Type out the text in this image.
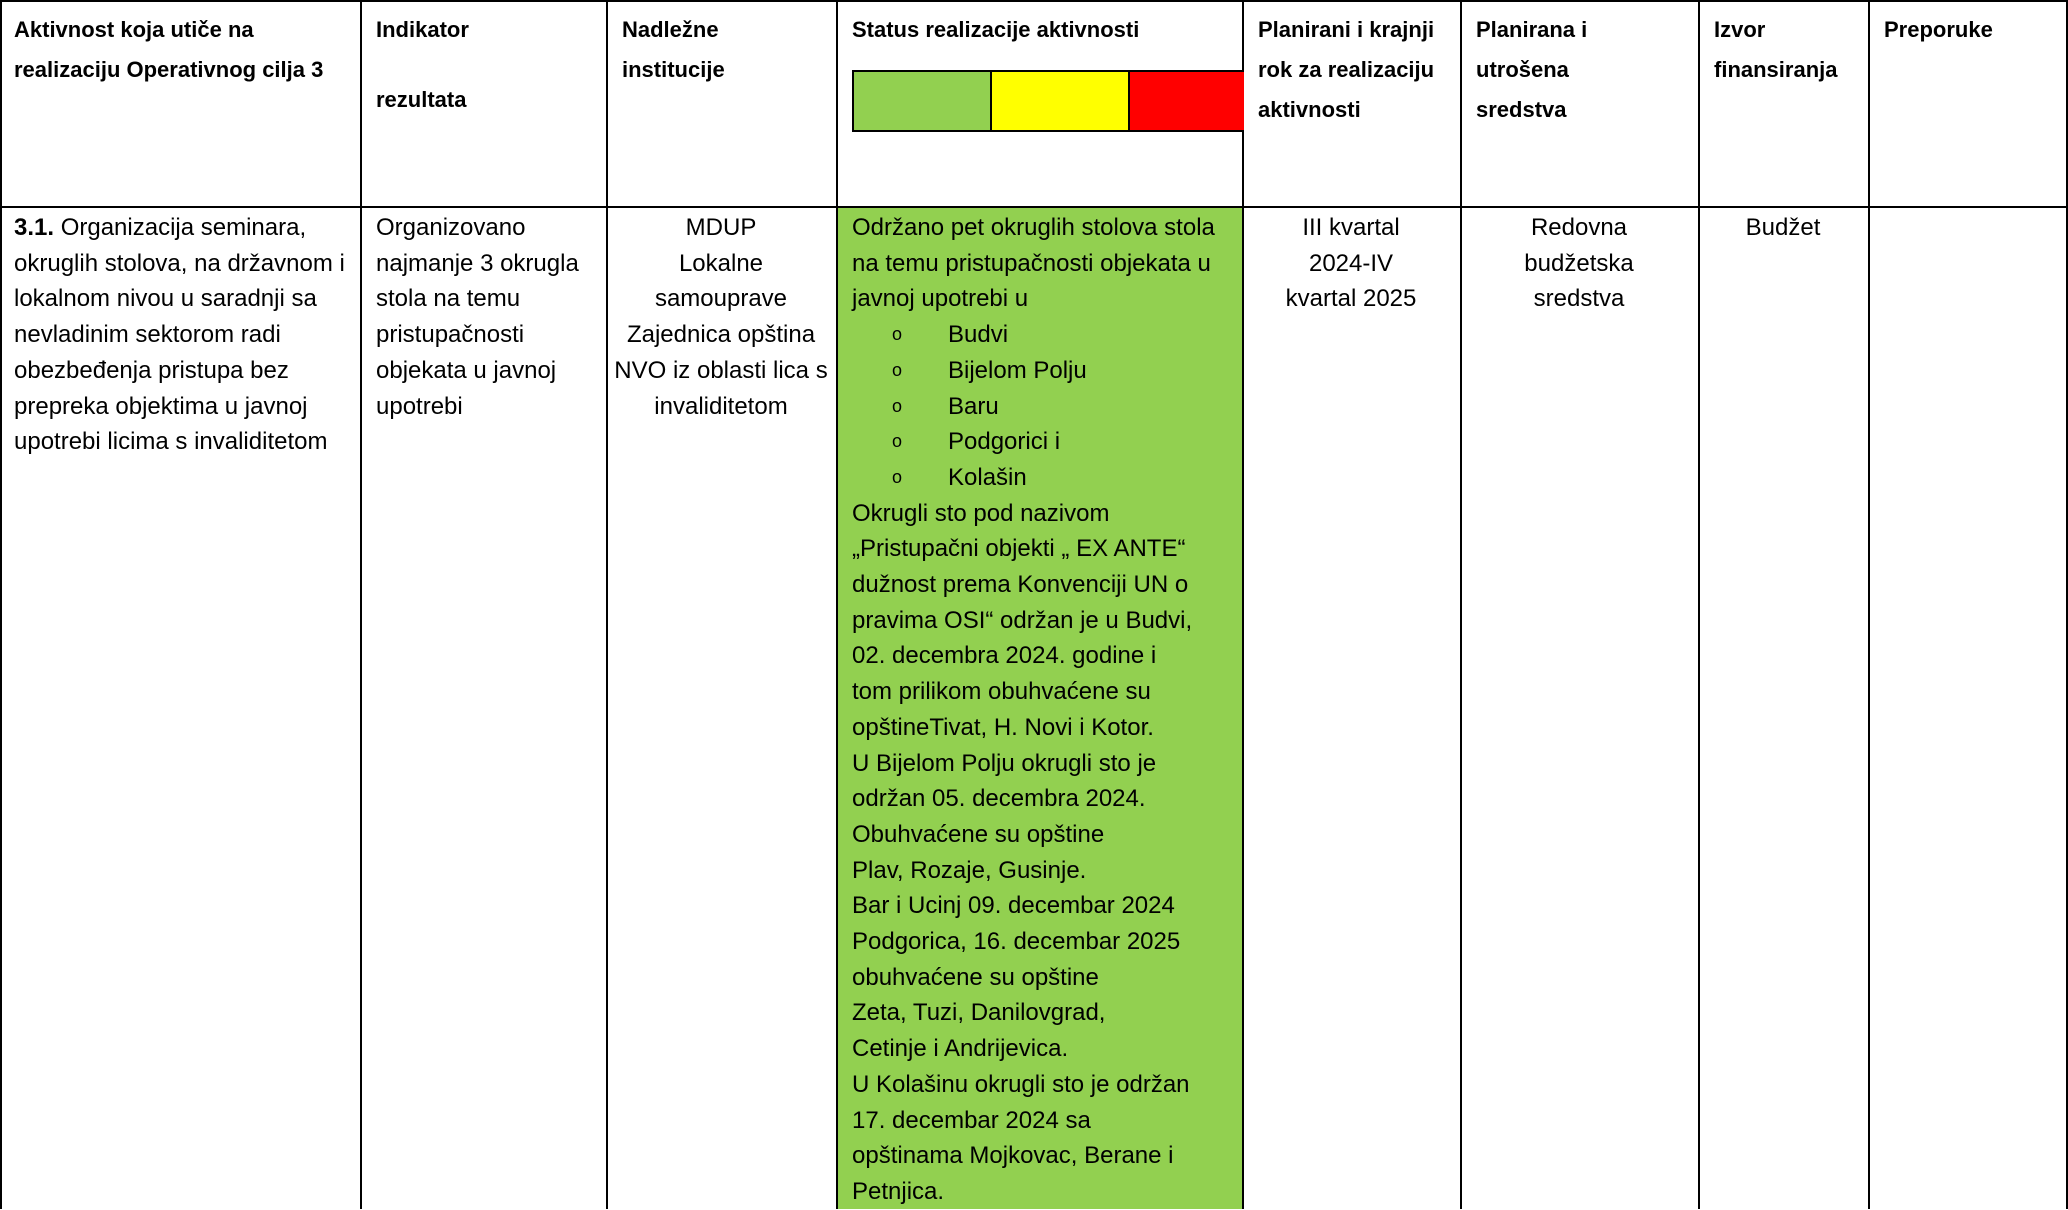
Aktivnost koja utiče na realizaciju Operativnog cilja 3
Indikator
rezultata
Nadležne institucije
Status realizacije aktivnosti	Planirani i krajnji rok za realizaciju aktivnosti
Planirana i utrošena sredstva
Izvor finansiranja
Preporuke
3.1. Organizacija seminara, okruglih stolova, na državnom i lokalnom nivou u saradnji sa nevladinim sektorom radi obezbeđenja pristupa bez prepreka objektima u javnoj upotrebi licima s invaliditetom
Organizovano najmanje 3 okrugla stola na temu pristupačnosti objekata u javnoj upotrebi
MDUP
Lokalne samouprave
Zajednica opština NVO iz oblasti lica s invaliditetom

Održano pet okruglih stolova stola na temu pristupačnosti objekata u javnoj upotrebi u

o Budvi
o Bijelom Polju
o Baru
o Podgorici i
o Kolašin
Okrugli sto pod nazivom
„Pristupačni objekti „ EX ANTE“
dužnost prema Konvenciji UN o
pravima OSI“ održan je u Budvi,
02. decembra 2024. godine i
tom prilikom obuhvaćene su
opštineTivat, H. Novi i Kotor.
U Bijelom Polju okrugli sto je
održan 05. decembra 2024.
Obuhvaćene su opštine
Plav, Rozaje, Gusinje.
Bar i Ucinj 09. decembar 2024
Podgorica, 16. decembar 2025
obuhvaćene su opštine
Zeta, Tuzi, Danilovgrad,
Cetinje i Andrijevica.
U Kolašinu okrugli sto je održan
17. decembar 2024 sa
opštinama Mojkovac, Berane i
Petnjica.
III kvartal
2024-IV
kvartal 2025
Redovna
budžetska
sredstva
Budžet
